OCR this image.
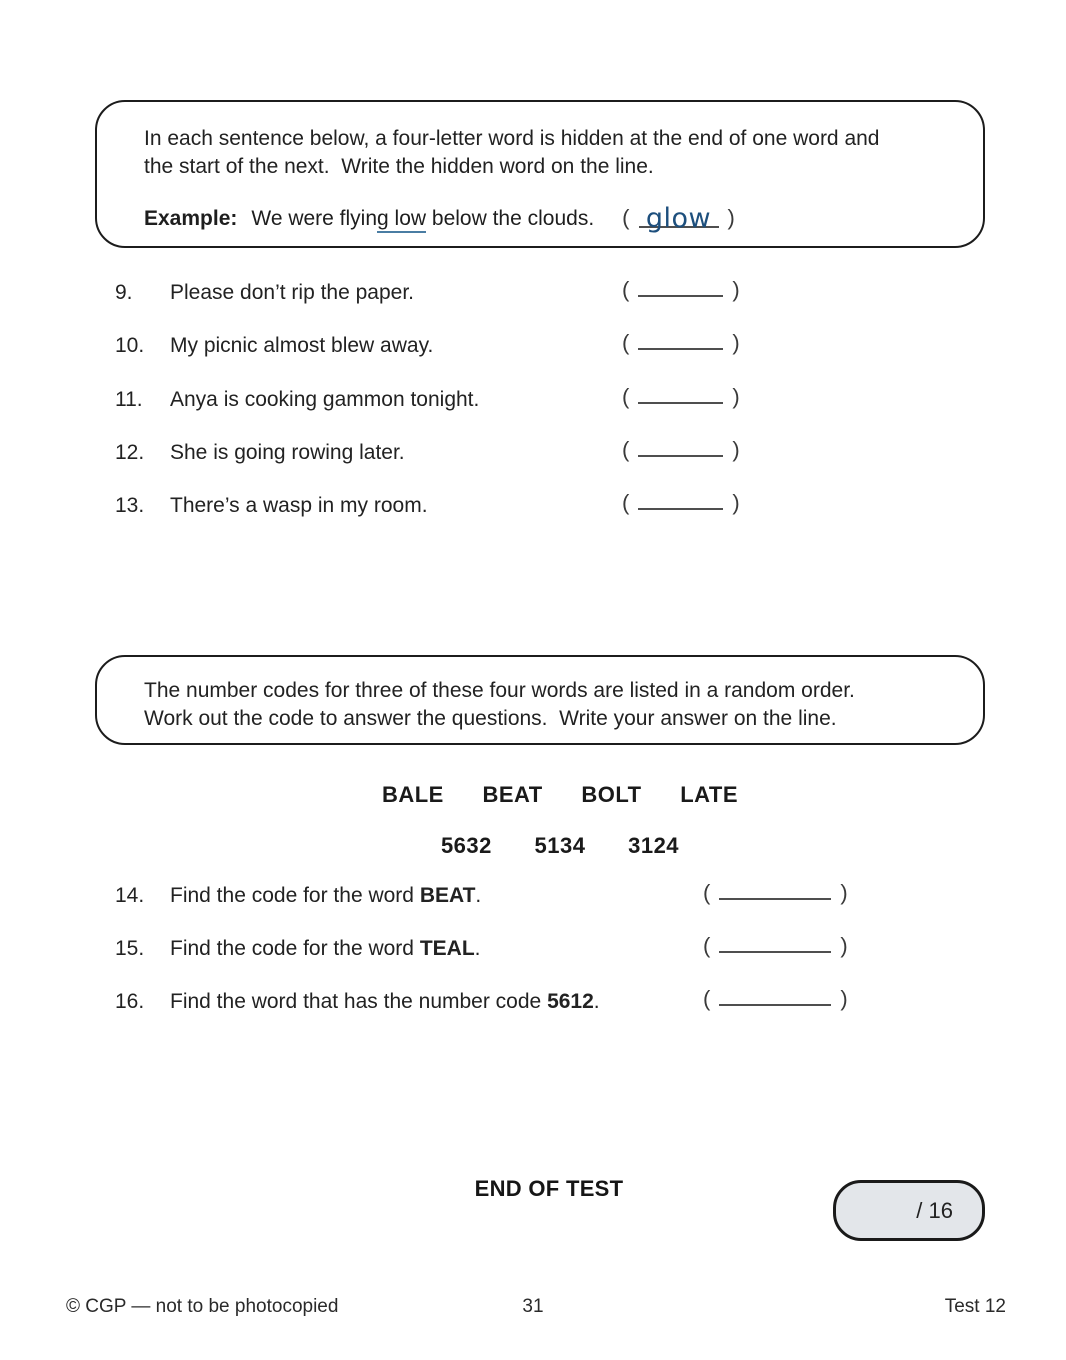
In each sentence below, a four-letter word is hidden at the end of one word and
the start of the next.  Write the hidden word on the line.
Example: We were flying low below the clouds. ( glow )
9.	Please don’t rip the paper.	(	)
10.	My picnic almost blew away.	(	)
11.	Anya is cooking gammon tonight.	(	)
12.	She is going rowing later.	(	)
13.	There’s a wasp in my room.	(	)
The number codes for three of these four words are listed in a random order.
Work out the code to answer the questions.  Write your answer on the line.
BALE BEAT BOLT LATE
5632 5134 3124
14.	Find the code for the word BEAT.	(	)
15.	Find the code for the word TEAL.	(	)
16.	Find the word that has the number code 5612.	(	)
END OF TEST
/ 16
© CGP — not to be photocopied	31	Test 12
